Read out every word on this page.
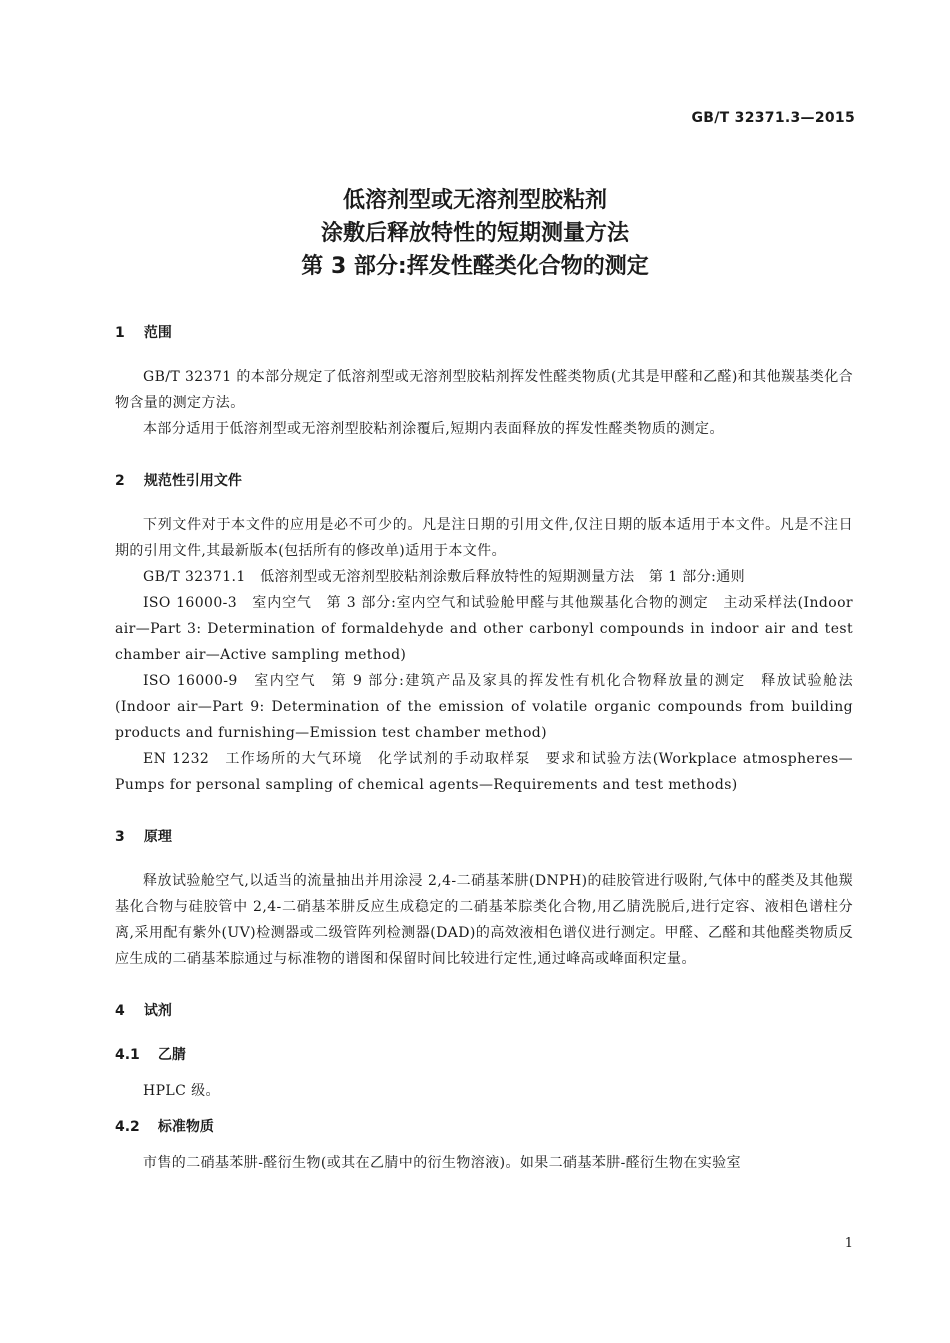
GB/T 32371.3—2015
低溶剂型或无溶剂型胶粘剂
涂敷后释放特性的短期测量方法
第 3 部分:挥发性醛类化合物的测定
1 范围

GB/T 32371 的本部分规定了低溶剂型或无溶剂型胶粘剂挥发性醛类物质(尤其是甲醛和乙醛)和其他羰基类化合物含量的测定方法。

本部分适用于低溶剂型或无溶剂型胶粘剂涂覆后,短期内表面释放的挥发性醛类物质的测定。

2 规范性引用文件

下列文件对于本文件的应用是必不可少的。凡是注日期的引用文件,仅注日期的版本适用于本文件。凡是不注日期的引用文件,其最新版本(包括所有的修改单)适用于本文件。

GB/T 32371.1　低溶剂型或无溶剂型胶粘剂涂敷后释放特性的短期测量方法　第 1 部分:通则

ISO 16000-3　室内空气　第 3 部分:室内空气和试验舱甲醛与其他羰基化合物的测定　主动采样法(Indoor air—Part 3: Determination of formaldehyde and other carbonyl compounds in indoor air and test chamber air—Active sampling method)

ISO 16000-9　室内空气　第 9 部分:建筑产品及家具的挥发性有机化合物释放量的测定　释放试验舱法(Indoor air—Part 9: Determination of the emission of volatile organic compounds from building products and furnishing—Emission test chamber method)

EN 1232　工作场所的大气环境　化学试剂的手动取样泵　要求和试验方法(Workplace atmospheres—Pumps for personal sampling of chemical agents—Requirements and test methods)

3 原理

释放试验舱空气,以适当的流量抽出并用涂浸 2,4-二硝基苯肼(DNPH)的硅胶管进行吸附,气体中的醛类及其他羰基化合物与硅胶管中 2,4-二硝基苯肼反应生成稳定的二硝基苯腙类化合物,用乙腈洗脱后,进行定容、液相色谱柱分离,采用配有紫外(UV)检测器或二级管阵列检测器(DAD)的高效液相色谱仪进行测定。甲醛、乙醛和其他醛类物质反应生成的二硝基苯腙通过与标准物的谱图和保留时间比较进行定性,通过峰高或峰面积定量。

4 试剂
4.1 乙腈

HPLC 级。

4.2 标准物质

市售的二硝基苯肼-醛衍生物(或其在乙腈中的衍生物溶液)。如果二硝基苯肼-醛衍生物在实验室

1
